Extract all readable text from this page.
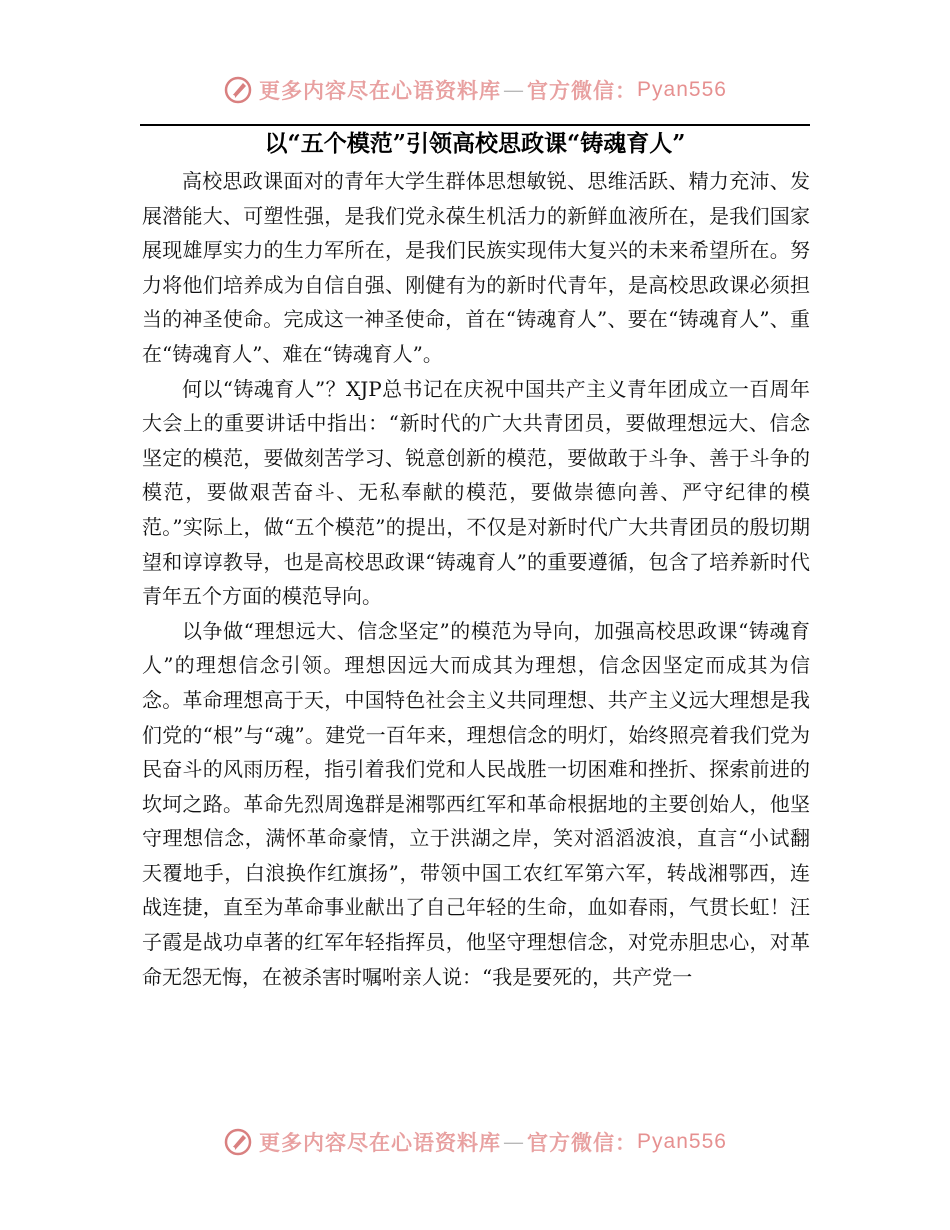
更多内容尽在心语资料库 — 官方微信： Pyan556
以“五个模范”引领高校思政课“铸魂育人”

高校思政课面对的青年大学生群体思想敏锐、思维活跃、精力充沛、发展潜能大、可塑性强，是我们党永葆生机活力的新鲜血液所在，是我们国家展现雄厚实力的生力军所在，是我们民族实现伟大复兴的未来希望所在。努力将他们培养成为自信自强、刚健有为的新时代青年，是高校思政课必须担当的神圣使命。完成这一神圣使命，首在“铸魂育人”、要在“铸魂育人”、重在“铸魂育人”、难在“铸魂育人”。

何以“铸魂育人”？XJP总书记在庆祝中国共产主义青年团成立一百周年大会上的重要讲话中指出：“新时代的广大共青团员，要做理想远大、信念坚定的模范，要做刻苦学习、锐意创新的模范，要做敢于斗争、善于斗争的模范，要做艰苦奋斗、无私奉献的模范，要做崇德向善、严守纪律的模范。”实际上，做“五个模范”的提出，不仅是对新时代广大共青团员的殷切期望和谆谆教导，也是高校思政课“铸魂育人”的重要遵循，包含了培养新时代青年五个方面的模范导向。

以争做“理想远大、信念坚定”的模范为导向，加强高校思政课“铸魂育人”的理想信念引领。理想因远大而成其为理想，信念因坚定而成其为信念。革命理想高于天，中国特色社会主义共同理想、共产主义远大理想是我们党的“根”与“魂”。建党一百年来，理想信念的明灯，始终照亮着我们党为民奋斗的风雨历程，指引着我们党和人民战胜一切困难和挫折、探索前进的坎坷之路。革命先烈周逸群是湘鄂西红军和革命根据地的主要创始人，他坚守理想信念，满怀革命豪情，立于洪湖之岸，笑对滔滔波浪，直言“小试翻天覆地手，白浪换作红旗扬”，带领中国工农红军第六军，转战湘鄂西，连战连捷，直至为革命事业献出了自己年轻的生命，血如春雨，气贯长虹！汪子霞是战功卓著的红军年轻指挥员，他坚守理想信念，对党赤胆忠心，对革命无怨无悔，在被杀害时嘱咐亲人说：“我是要死的，共产党一

更多内容尽在心语资料库 — 官方微信： Pyan556
